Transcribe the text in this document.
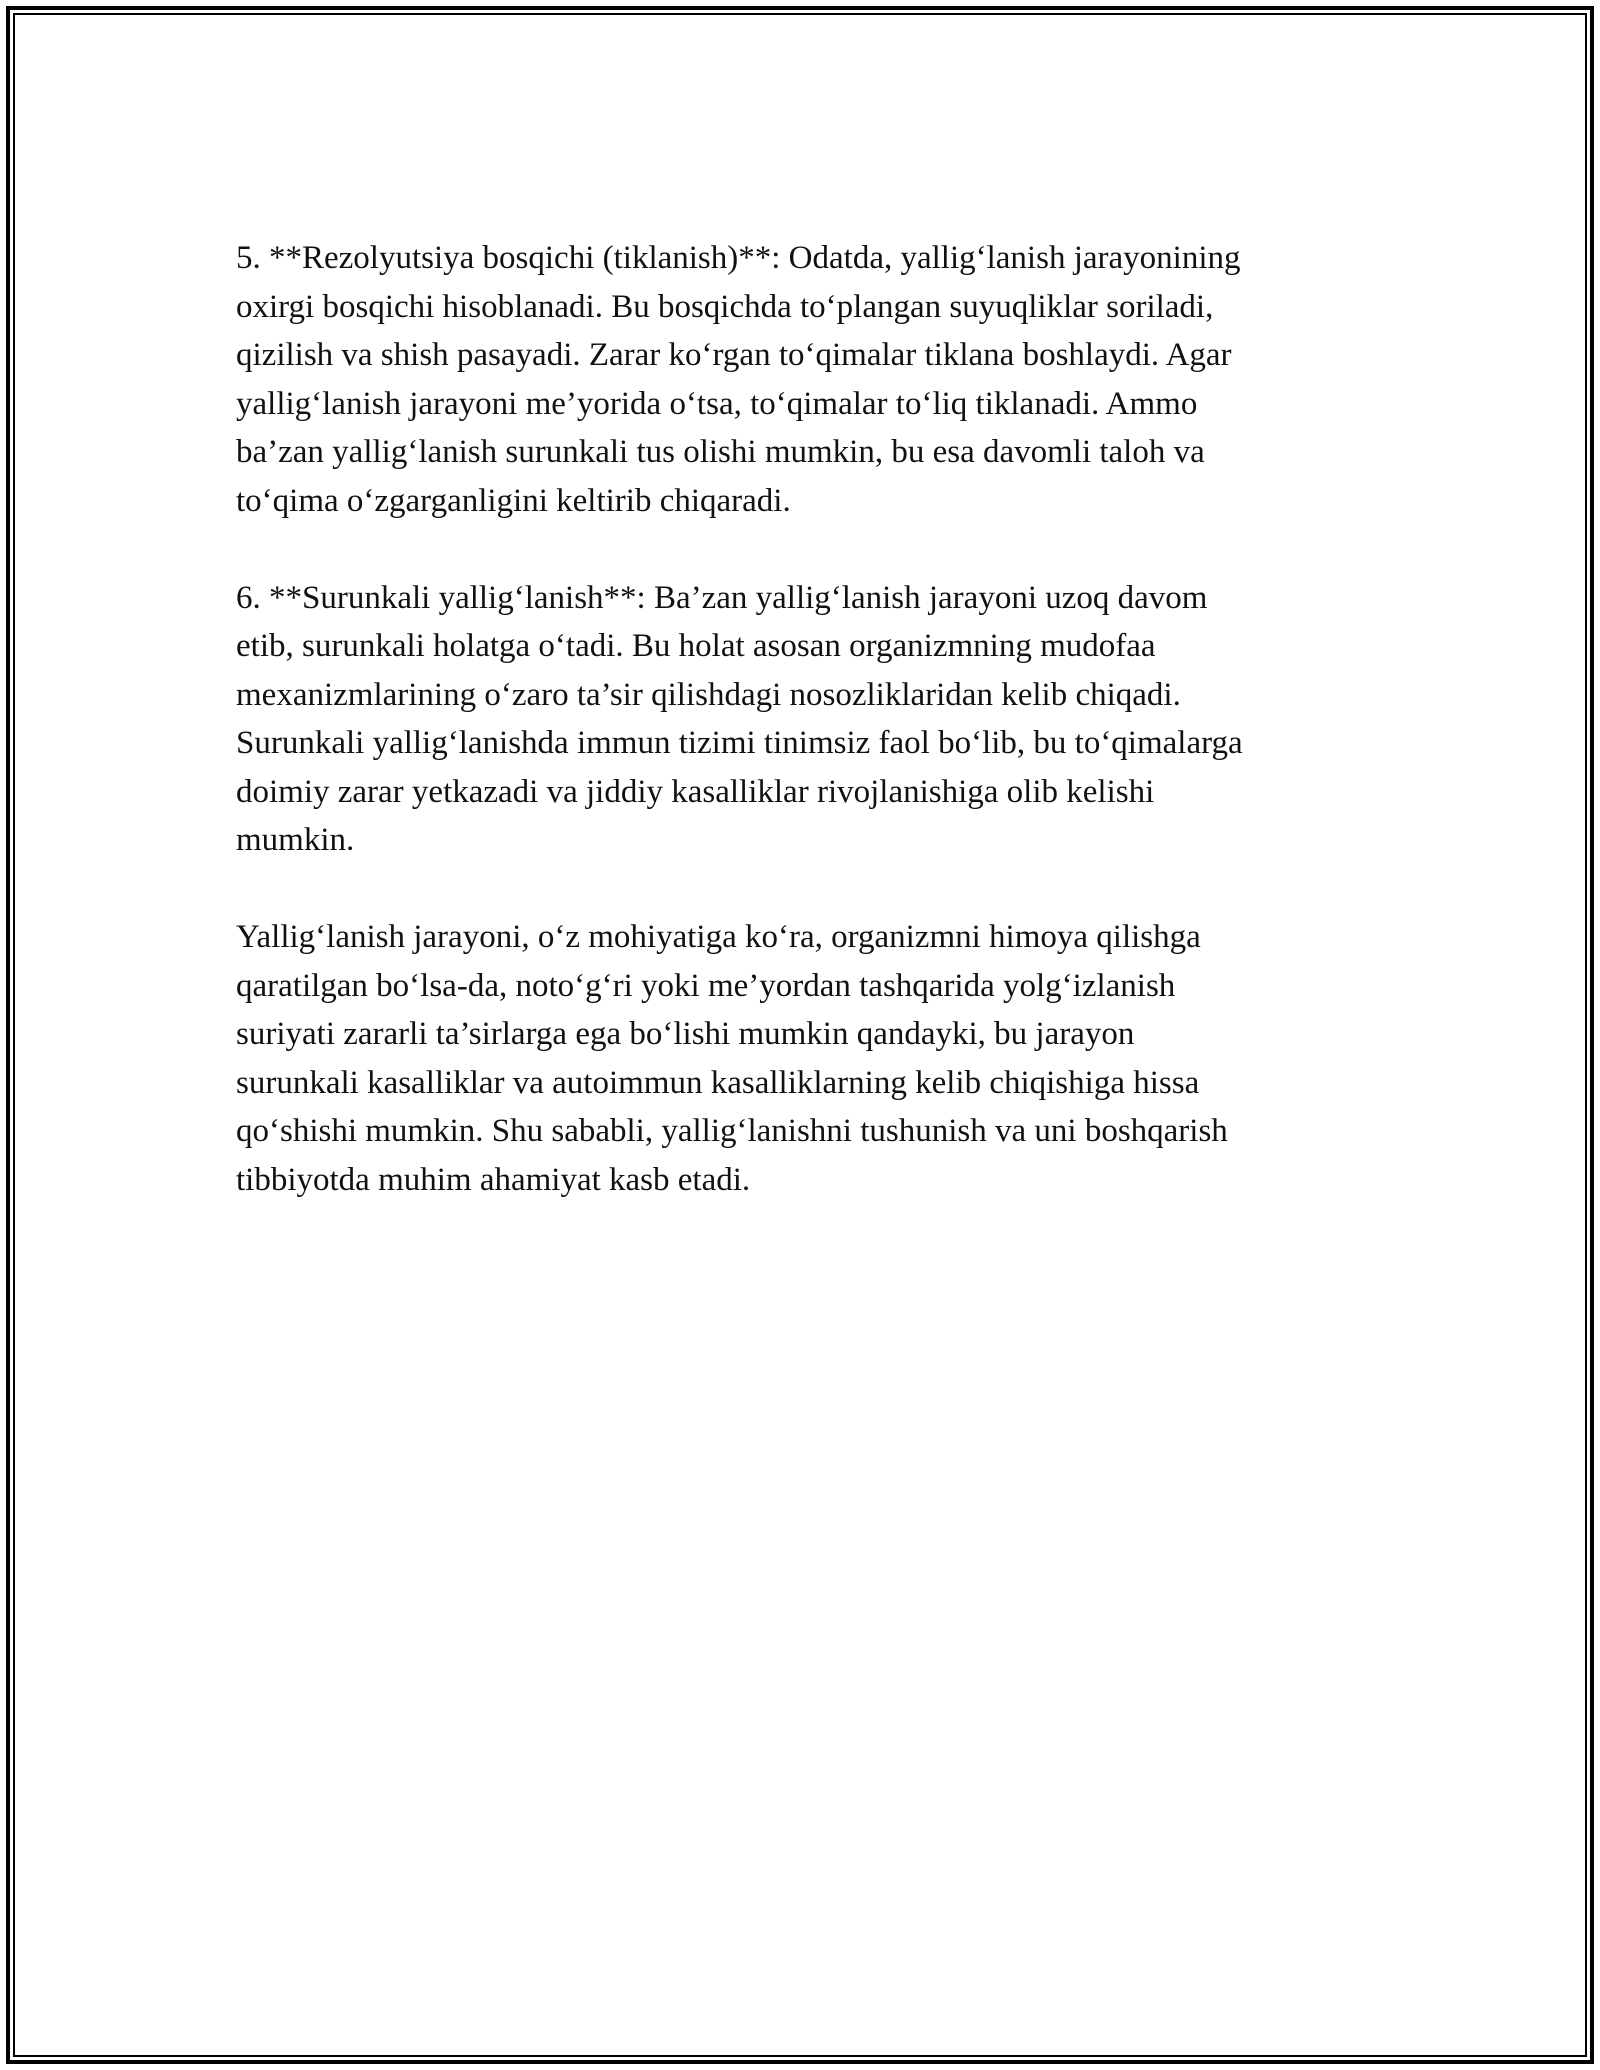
5. **Rezolyutsiya bosqichi (tiklanish)**: Odatda, yallig‘lanish jarayonining
oxirgi bosqichi hisoblanadi. Bu bosqichda to‘plangan suyuqliklar soriladi,
qizilish va shish pasayadi. Zarar ko‘rgan to‘qimalar tiklana boshlaydi. Agar
yallig‘lanish jarayoni me’yorida o‘tsa, to‘qimalar to‘liq tiklanadi. Ammo
ba’zan yallig‘lanish surunkali tus olishi mumkin, bu esa davomli taloh va
to‘qima o‘zgarganligini keltirib chiqaradi.

6. **Surunkali yallig‘lanish**: Ba’zan yallig‘lanish jarayoni uzoq davom
etib, surunkali holatga o‘tadi. Bu holat asosan organizmning mudofaa
mexanizmlarining o‘zaro ta’sir qilishdagi nosozliklaridan kelib chiqadi.
Surunkali yallig‘lanishda immun tizimi tinimsiz faol bo‘lib, bu to‘qimalarga
doimiy zarar yetkazadi va jiddiy kasalliklar rivojlanishiga olib kelishi
mumkin.

Yallig‘lanish jarayoni, o‘z mohiyatiga ko‘ra, organizmni himoya qilishga
qaratilgan bo‘lsa-da, noto‘g‘ri yoki me’yordan tashqarida yolg‘izlanish
suriyati zararli ta’sirlarga ega bo‘lishi mumkin qandayki, bu jarayon
surunkali kasalliklar va autoimmun kasalliklarning kelib chiqishiga hissa
qo‘shishi mumkin. Shu sababli, yallig‘lanishni tushunish va uni boshqarish
tibbiyotda muhim ahamiyat kasb etadi.
